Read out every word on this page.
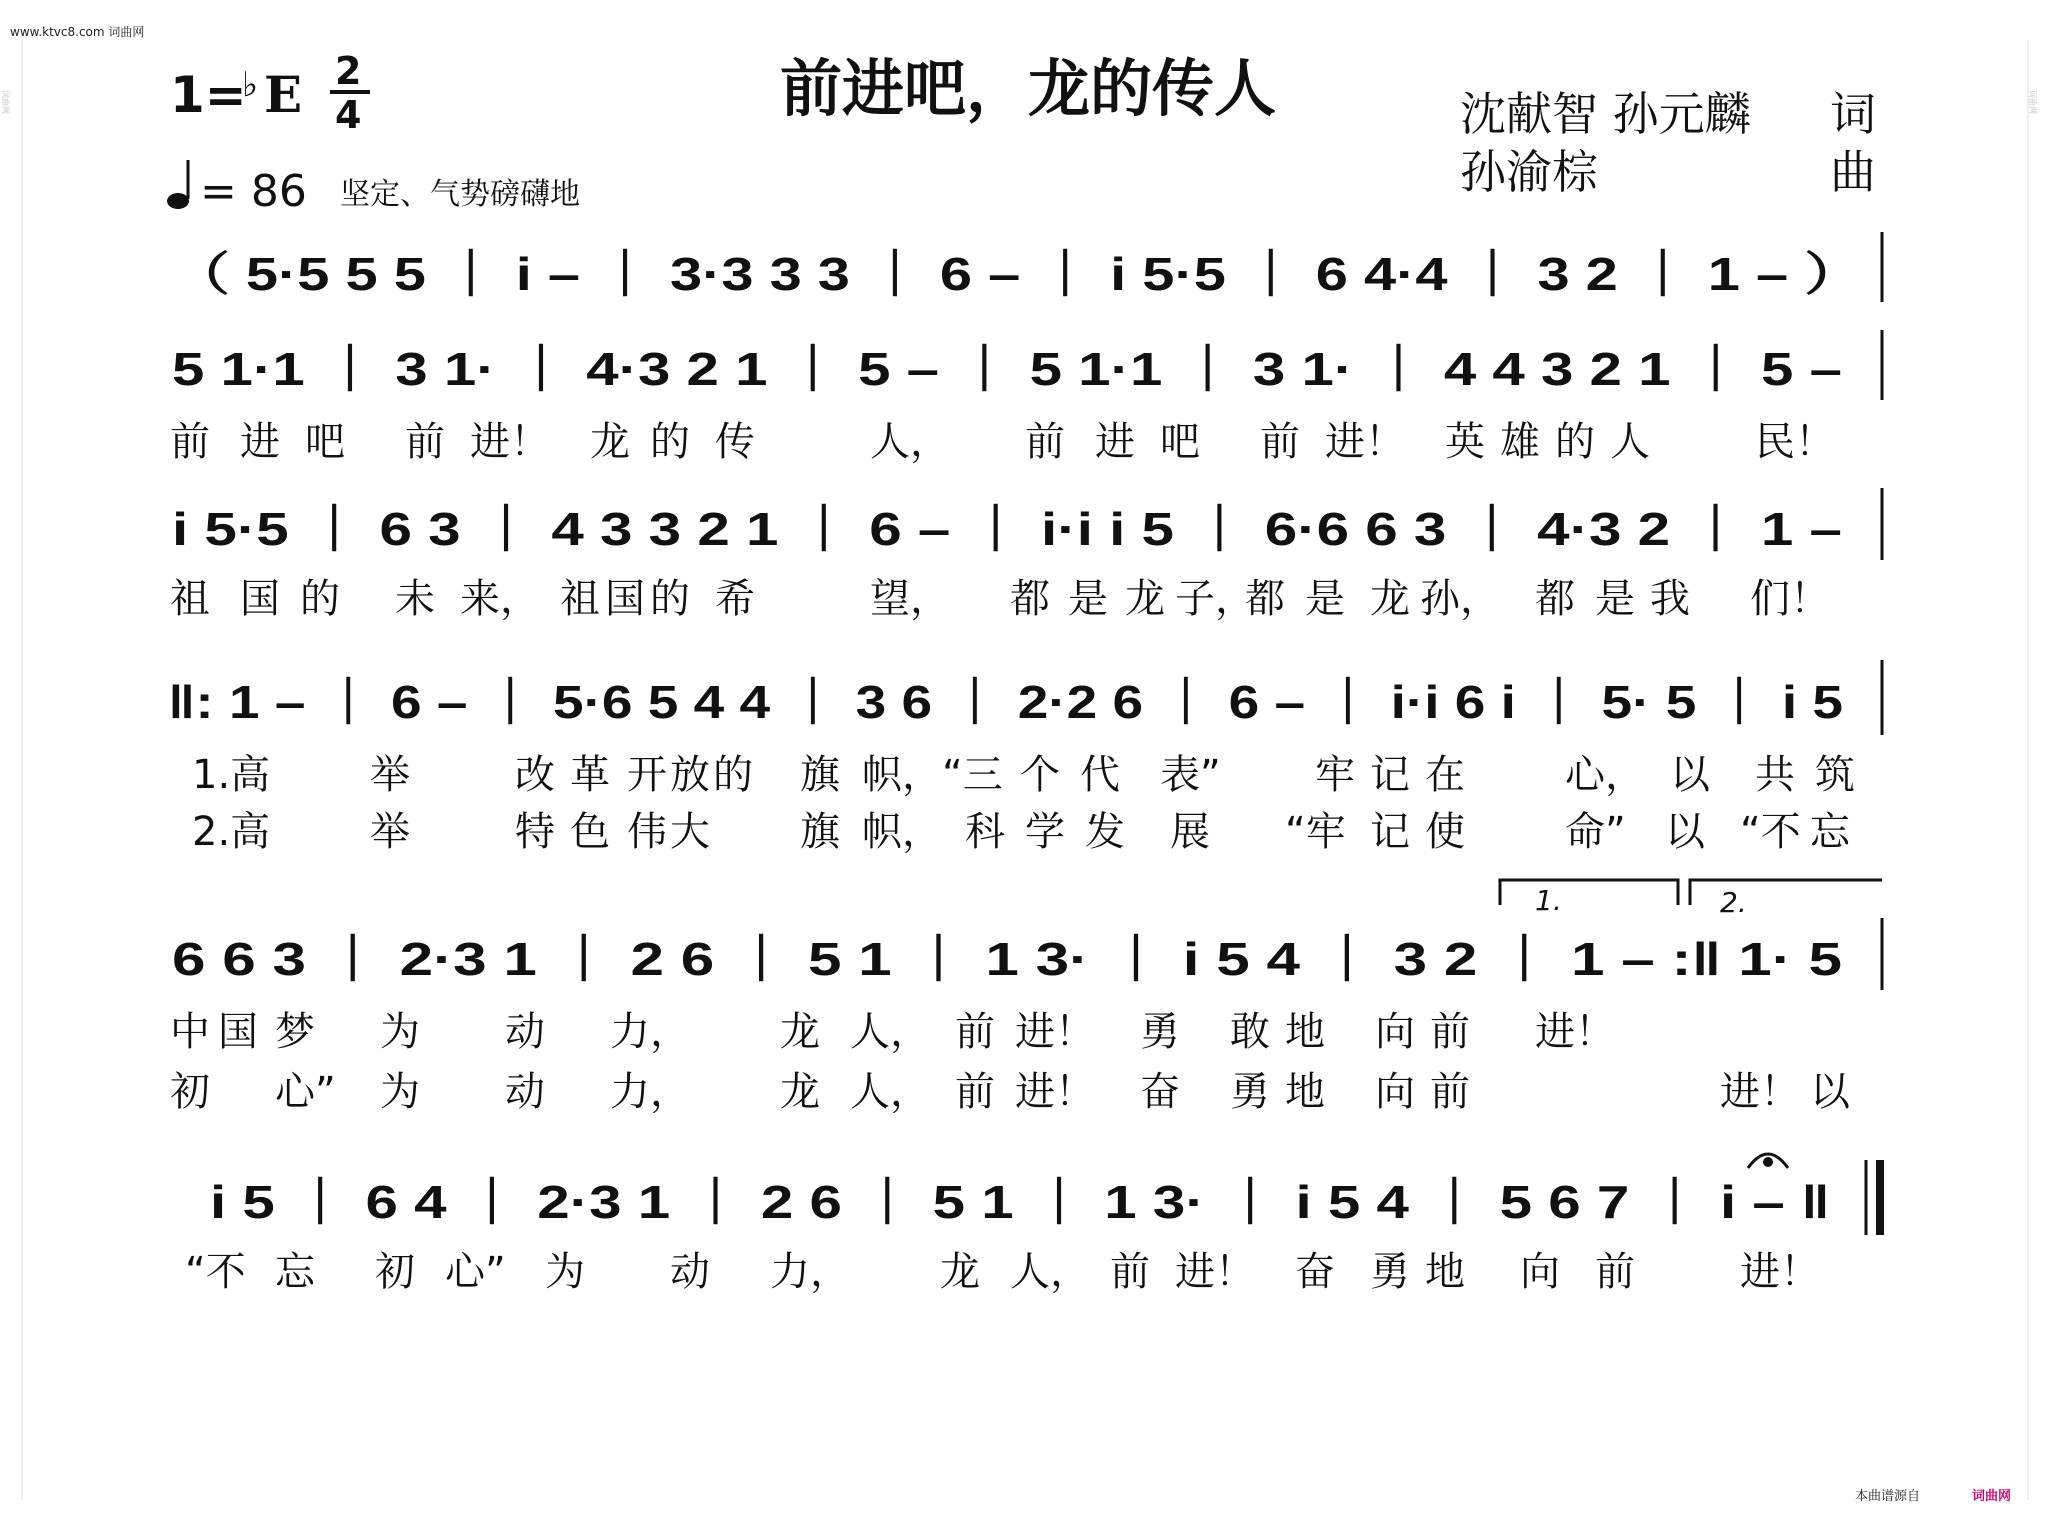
www.ktvc8.com 词曲网
词曲网	词曲网
1=
♭ E 2
4
= 86 坚定、气势磅礴地
前进吧，龙的传人	沈献智 孙元麟 词
孙渝棕	曲
（ 5·5 5 5 ｜ i – ｜ 3·3 3 3 ｜ 6 – ｜ i 5·5 ｜ 6 4·4 ｜ 3 2 ｜ 1 – ）
5 1·1 ｜ 3 1· ｜ 4·3 2 1 ｜ 5 – ｜ 5 1·1 ｜ 3 1· ｜ 4 4 3 2 1 ｜ 5 –
前 进 吧 前 进！ 龙 的 传	人， 前 进 吧 前 进！ 英 雄 的 人	民！
i 5·5 ｜ 6 3 ｜ 4 3 3 2 1 ｜ 6 – ｜ i·i i 5 ｜ 6·6 6 3 ｜ 4·3 2 ｜ 1 –
祖 国 的 未 来， 祖 国 的 希	望， 都 是 龙 子，
都 是 龙 孙， 都 是 我 们！
‖: 1 – ｜ 6 – ｜ 5·6 5 4 4 ｜ 3 6 ｜ 2·2 6 ｜ 6 – ｜ i·i 6 i ｜ 5· 5 ｜ i 5
1.高 举	改 革 开 放 的 旗 帜，“三 个 代 表” 牢 记 在	心， 以 共 筑
2.高 举	特 色 伟 大 旗 帜， 科 学 发 展 “牢 记 使	命” 以 “不 忘
1.	2.
6 6 3 ｜ 2·3 1 ｜ 2 6 ｜ 5 1 ｜ 1 3· ｜ i 5 4 ｜ 3 2 ｜ 1 – :‖ 1· 5
中 国 梦 为 动 力， 龙 人， 前 进！ 勇 敢 地 向 前 进！
初 心” 为 动 力， 龙 人， 前 进！ 奋 勇 地 向 前	进！ 以
i 5 ｜ 6 4 ｜ 2·3 1 ｜ 2 6 ｜ 5 1 ｜ 1 3· ｜ i 5 4 ｜ 5 6 7 ｜ i – ‖
“不 忘 初 心” 为 动 力， 龙 人， 前 进！ 奋 勇 地 向 前	进！
本曲谱源自	词曲网
